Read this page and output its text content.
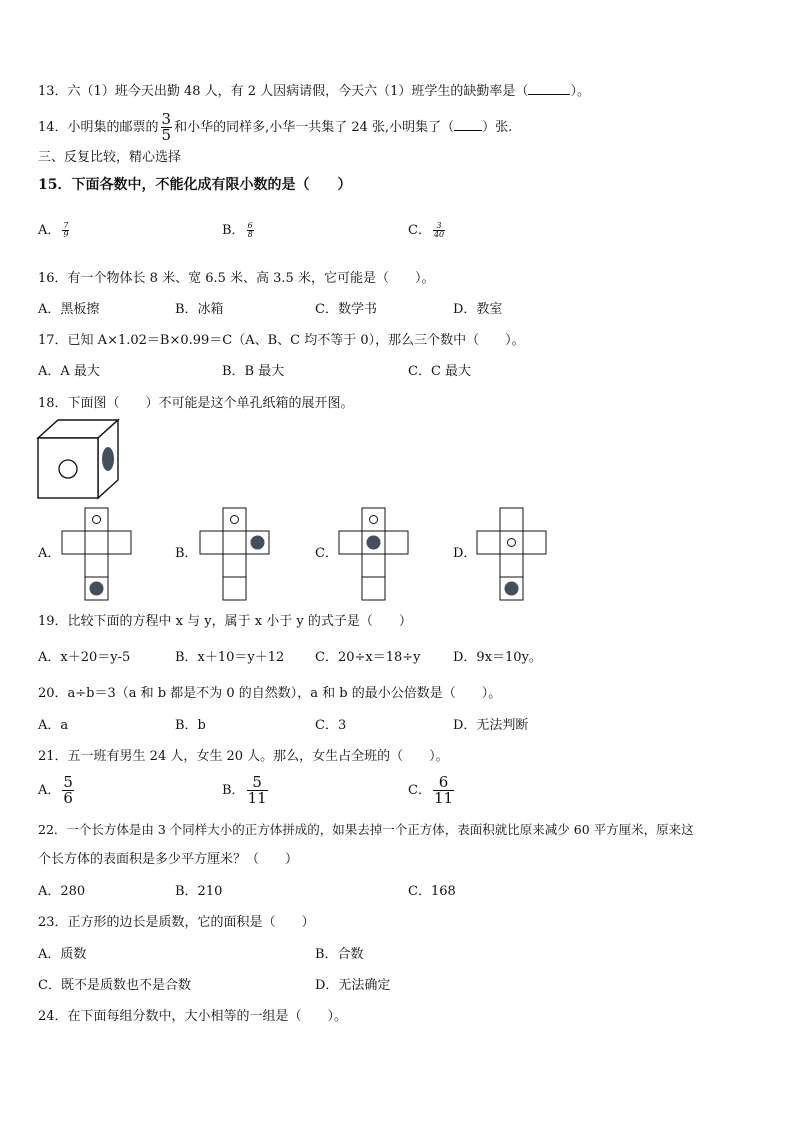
13．六（1）班今天出勤 48 人，有 2 人因病请假，今天六（1）班学生的缺勤率是（	）。
14．小明集的邮票的 $\frac{3}{5}$ 和小华的同样多,小华一共集了 24 张,小明集了（ ）张.
三、反复比较，精心选择
15．下面各数中，不能化成有限小数的是（　　）
A． $\frac{7}{9}$	B． $\frac{6}{8}$	C． $\frac{3}{40}$
16．有一个物体长 8 米、宽 6.5 米、高 3.5 米，它可能是（　　）。
A．黑板擦	B．冰箱	C．数学书	D．教室
17．已知 A×1.02＝B×0.99＝C（A、B、C 均不等于 0），那么三个数中（　　）。
A．A 最大	B．B 最大	C．C 最大
18．下面图（　　）不可能是这个单孔纸箱的展开图。
A．	B．	C．	D．
19．比较下面的方程中 x 与 y，属于 x 小于 y 的式子是（　　）
A．x＋20＝y-5	B．x＋10＝y＋12 C．20÷x＝18÷y	D．9x＝10y。
20．a÷b＝3（a 和 b 都是不为 0 的自然数），a 和 b 的最小公倍数是（　　）。
A．a	B．b	C．3	D．无法判断
21．五一班有男生 24 人，女生 20 人。那么，女生占全班的（　　）。
A． $\frac{5}{6}$	B． $\frac{5}{11}$	C． $\frac{6}{11}$
22．一个长方体是由 3 个同样大小的正方体拼成的，如果去掉一个正方体，表面积就比原来减少 60 平方厘米，原来这
个长方体的表面积是多少平方厘米？（　　）
A．280	B．210	C．168
23．正方形的边长是质数，它的面积是（　　）
A．质数	B．合数
C．既不是质数也不是合数	D．无法确定
24．在下面每组分数中，大小相等的一组是（　　）。
